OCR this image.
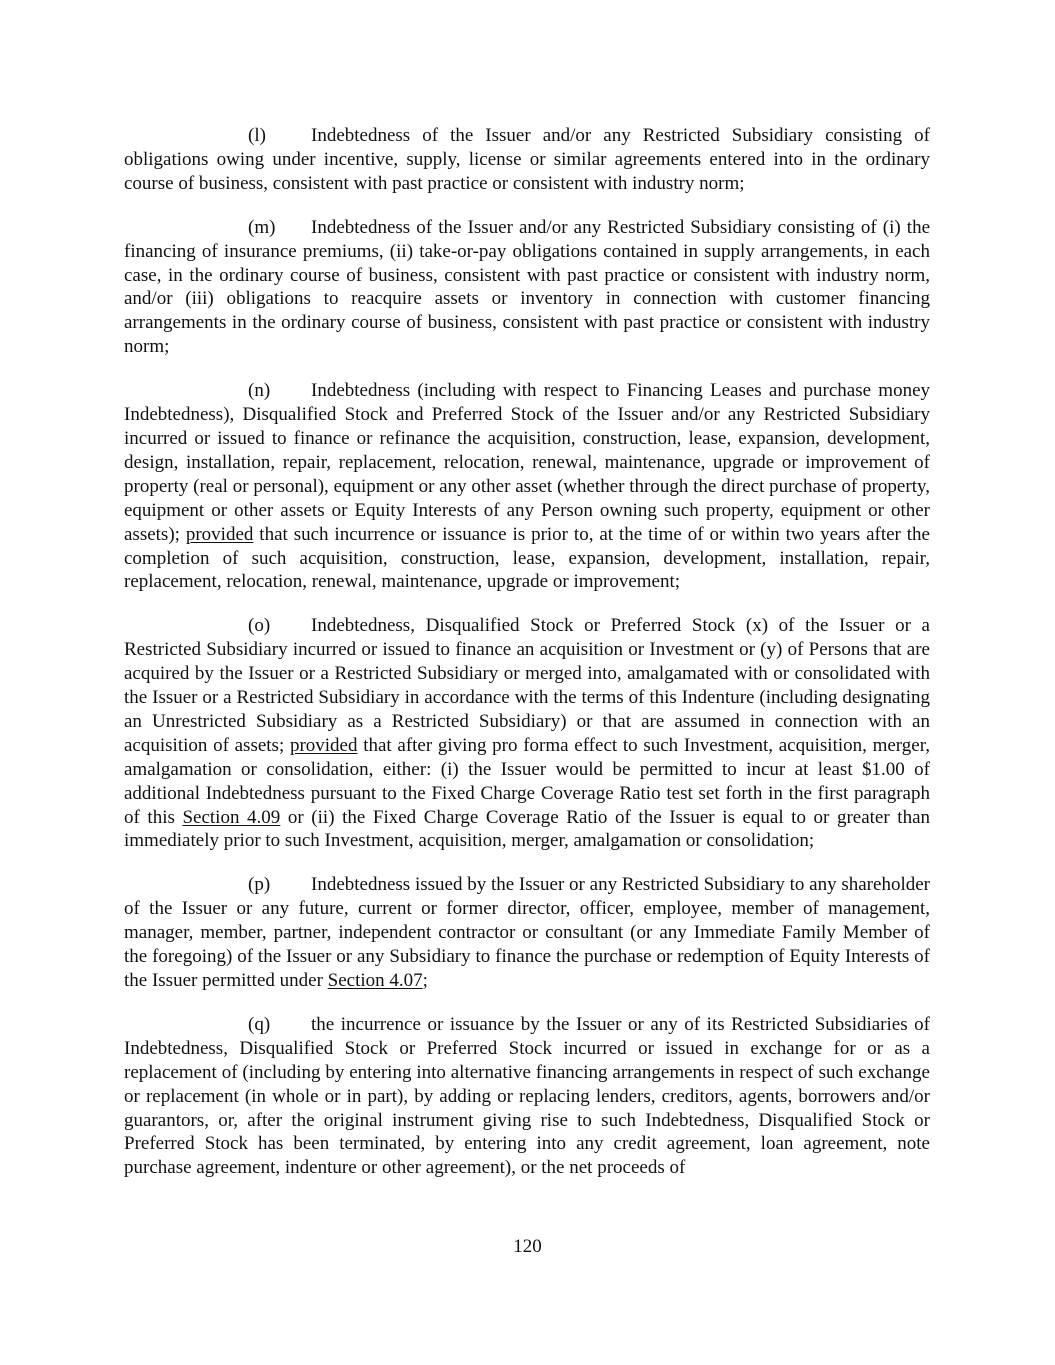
(l) Indebtedness of the Issuer and/or any Restricted Subsidiary consisting of obligations owing under incentive, supply, license or similar agreements entered into in the ordinary course of business, consistent with past practice or consistent with industry norm;

(m) Indebtedness of the Issuer and/or any Restricted Subsidiary consisting of (i) the financing of insurance premiums, (ii) take-or-pay obligations contained in supply arrangements, in each case, in the ordinary course of business, consistent with past practice or consistent with industry norm, and/or (iii) obligations to reacquire assets or inventory in connection with customer financing arrangements in the ordinary course of business, consistent with past practice or consistent with industry norm;

(n) Indebtedness (including with respect to Financing Leases and purchase money Indebtedness), Disqualified Stock and Preferred Stock of the Issuer and/or any Restricted Subsidiary incurred or issued to finance or refinance the acquisition, construction, lease, expansion, development, design, installation, repair, replacement, relocation, renewal, maintenance, upgrade or improvement of property (real or personal), equipment or any other asset (whether through the direct purchase of property, equipment or other assets or Equity Interests of any Person owning such property, equipment or other assets); provided that such incurrence or issuance is prior to, at the time of or within two years after the completion of such acquisition, construction, lease, expansion, development, installation, repair, replacement, relocation, renewal, maintenance, upgrade or improvement;

(o) Indebtedness, Disqualified Stock or Preferred Stock (x) of the Issuer or a Restricted Subsidiary incurred or issued to finance an acquisition or Investment or (y) of Persons that are acquired by the Issuer or a Restricted Subsidiary or merged into, amalgamated with or consolidated with the Issuer or a Restricted Subsidiary in accordance with the terms of this Indenture (including designating an Unrestricted Subsidiary as a Restricted Subsidiary) or that are assumed in connection with an acquisition of assets; provided that after giving pro forma effect to such Investment, acquisition, merger, amalgamation or consolidation, either: (i) the Issuer would be permitted to incur at least $1.00 of additional Indebtedness pursuant to the Fixed Charge Coverage Ratio test set forth in the first paragraph of this Section 4.09 or (ii) the Fixed Charge Coverage Ratio of the Issuer is equal to or greater than immediately prior to such Investment, acquisition, merger, amalgamation or consolidation;

(p) Indebtedness issued by the Issuer or any Restricted Subsidiary to any shareholder of the Issuer or any future, current or former director, officer, employee, member of management, manager, member, partner, independent contractor or consultant (or any Immediate Family Member of the foregoing) of the Issuer or any Subsidiary to finance the purchase or redemption of Equity Interests of the Issuer permitted under Section 4.07;

(q) the incurrence or issuance by the Issuer or any of its Restricted Subsidiaries of Indebtedness, Disqualified Stock or Preferred Stock incurred or issued in exchange for or as a replacement of (including by entering into alternative financing arrangements in respect of such exchange or replacement (in whole or in part), by adding or replacing lenders, creditors, agents, borrowers and/or guarantors, or, after the original instrument giving rise to such Indebtedness, Disqualified Stock or Preferred Stock has been terminated, by entering into any credit agreement, loan agreement, note purchase agreement, indenture or other agreement), or the net proceeds of

120
